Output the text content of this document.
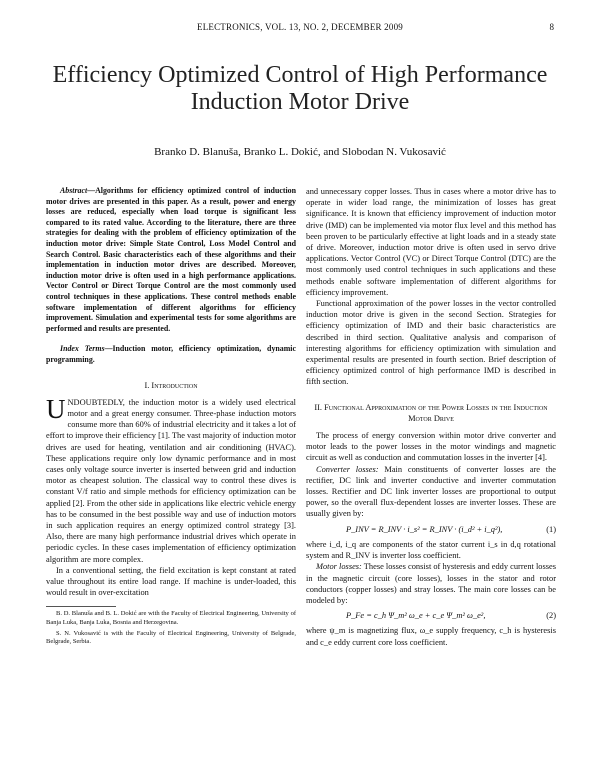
ELECTRONICS, VOL. 13, NO. 2, DECEMBER 2009	8
Efficiency Optimized Control of High Performance Induction Motor Drive
Branko D. Blanuša, Branko L. Dokić, and Slobodan N. Vukosavić

Abstract—Algorithms for efficiency optimized control of induction motor drives are presented in this paper. As a result, power and energy losses are reduced, especially when load torque is significant less compared to its rated value. According to the literature, there are three strategies for dealing with the problem of efficiency optimization of the induction motor drive: Simple State Control, Loss Model Control and Search Control. Basic characteristics each of these algorithms and their implementation in induction motor drives are described. Moreover, induction motor drive is often used in a high performance applications. Vector Control or Direct Torque Control are the most commonly used control techniques in these applications. These control methods enable software implementation of different algorithms for efficiency improvement. Simulation and experimental tests for some algorithms are performed and results are presented.

Index Terms—Induction motor, efficiency optimization, dynamic programming.

I. Introduction

UNDOUBTEDLY, the induction motor is a widely used electrical motor and a great energy consumer. Three-phase induction motors consume more than 60% of industrial electricity and it takes a lot of effort to improve their efficiency [1]. The vast majority of induction motor drives are used for heating, ventilation and air conditioning (HVAC). These applications require only low dynamic performance and in most cases only voltage source inverter is inserted between grid and induction motor as cheapest solution. The classical way to control these dives is constant V/f ratio and simple methods for efficiency optimization can be applied [2]. From the other side in applications like electric vehicle energy has to be consumed in the best possible way and use of induction motors in such application requires an energy optimized control strategy [3]. Also, there are many high performance industrial drives which operate in periodic cycles. In these cases implementation of efficiency optimization algorithm are more complex.

In a conventional setting, the field excitation is kept constant at rated value throughout its entire load range. If machine is under-loaded, this would result in over-excitation

B. D. Blanuša and B. L. Dokić are with the Faculty of Electrical Engineering, University of Banja Luka, Banja Luka, Bosnia and Herzegovina.

S. N. Vukosavić is with the Faculty of Electrical Engineering, University of Belgrade, Belgrade, Serbia.

and unnecessary copper losses. Thus in cases where a motor drive has to operate in wider load range, the minimization of losses has great significance. It is known that efficiency improvement of induction motor drive (IMD) can be implemented via motor flux level and this method has been proven to be particularly effective at light loads and in a steady state of drive. Moreover, induction motor drive is often used in servo drive applications. Vector Control (VC) or Direct Torque Control (DTC) are the most commonly used control techniques in such applications and these methods enable software implementation of different algorithms for efficiency improvement.

Functional approximation of the power losses in the vector controlled induction motor drive is given in the second Section. Strategies for efficiency optimization of IMD and their basic characteristics are described in third section. Qualitative analysis and comparison of interesting algorithms for efficiency optimization with simulation and experimental results are presented in fourth section. Brief description of efficiency optimized control of high performance IMD is described in fifth section.

II. Functional Approximation of the Power Losses in the Induction Motor Drive

The process of energy conversion within motor drive converter and motor leads to the power losses in the motor windings and magnetic circuit as well as conduction and commutation losses in the inverter [4].

Converter losses: Main constituents of converter losses are the rectifier, DC link and inverter conductive and inverter commutation losses. Rectifier and DC link inverter losses are proportional to output power, so the overall flux-dependent losses are inverter losses. These are usually given by:

P_INV = R_INV · i_s² = R_INV · (i_d² + i_q²),	(1)

where i_d, i_q are components of the stator current i_s in d,q rotational system and R_INV is inverter loss coefficient.

Motor losses: These losses consist of hysteresis and eddy current losses in the magnetic circuit (core losses), losses in the stator and rotor conductors (copper losses) and stray losses. The main core losses can be modeled by:

P_Fe = c_h Ψ_m² ω_e + c_e Ψ_m² ω_e²,	(2)

where ψ_m is magnetizing flux, ω_e supply frequency, c_h is hysteresis and c_e eddy current core loss coefficient.
